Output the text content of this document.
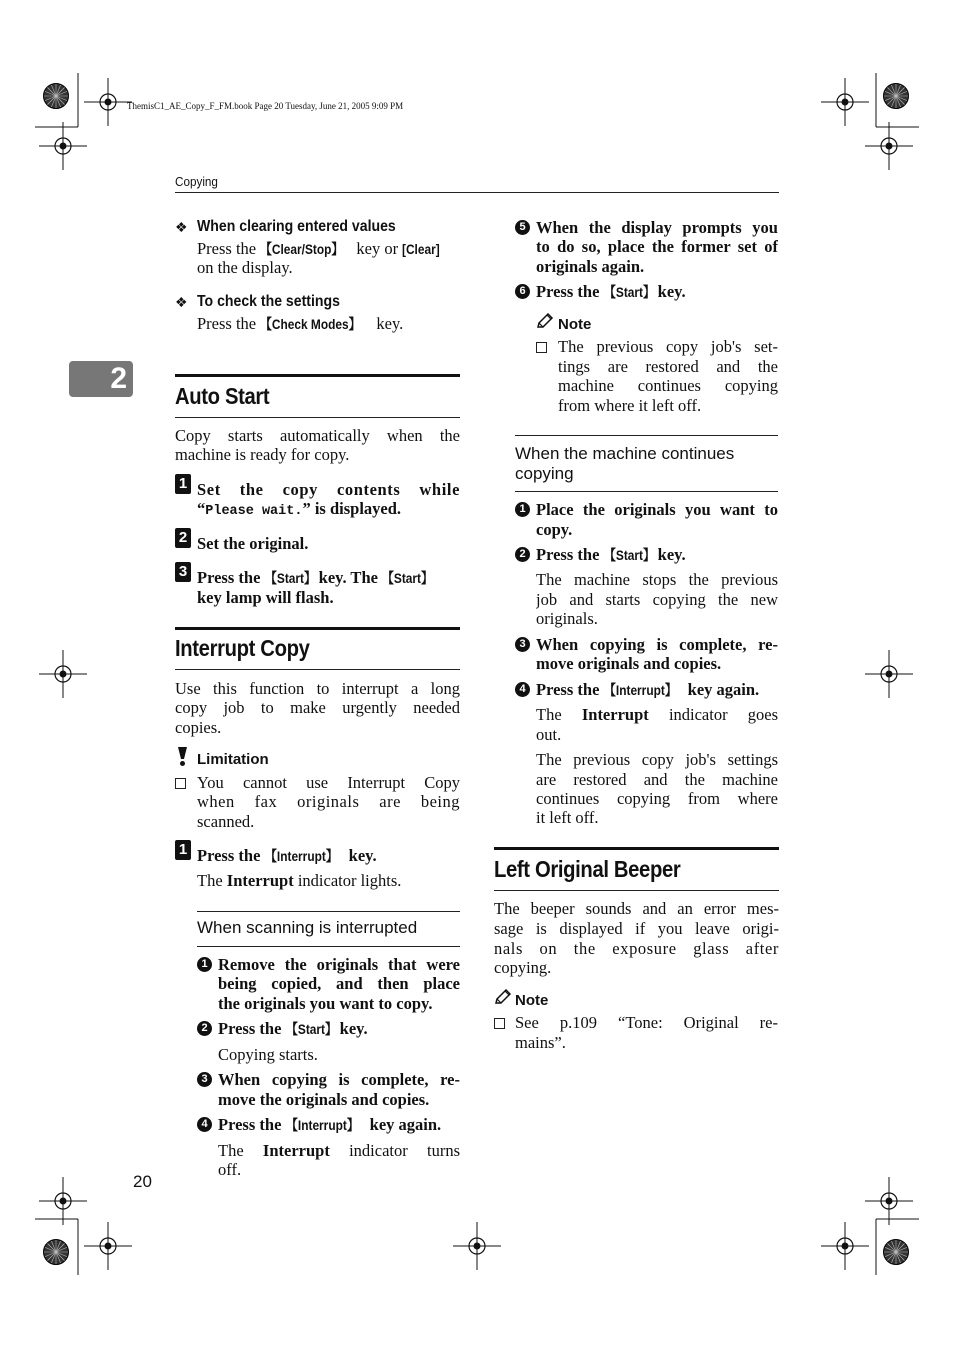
ThemisC1_AE_Copy_F_FM.book Page 20 Tuesday, June 21, 2005 9:09 PM
Copying
2
❖ When clearing entered values
Press the 【Clear/Stop】 key or [Clear]
on the display.
❖ To check the settings
Press the 【Check Modes】 key.
Auto Start
Copy starts automatically when the
machine is ready for copy.
1 Set the copy contents while
“Please wait.” is displayed.
2 Set the original.
3 Press the 【Start】 key. The 【Start】
key lamp will flash.
Interrupt Copy
Use this function to interrupt a long
copy job to make urgently needed
copies.
Limitation
You cannot use Interrupt Copy
when fax originals are being
scanned.
1 Press the 【Interrupt】 key.
The Interrupt indicator lights.
When scanning is interrupted
1 Remove the originals that were
being copied, and then place
the originals you want to copy.
2 Press the 【Start】 key.
Copying starts.
3 When copying is complete, re-
move the originals and copies.
4 Press the 【Interrupt】 key again.
The Interrupt indicator turns
off.
20
5 When the display prompts you
to do so, place the former set of
originals again.
6 Press the 【Start】 key.
Note
The previous copy job's set-
tings are restored and the
machine continues copying
from where it left off.
When the machine continues
copying
1 Place the originals you want to
copy.
2 Press the 【Start】 key.
The machine stops the previous
job and starts copying the new
originals.
3 When copying is complete, re-
move originals and copies.
4 Press the 【Interrupt】 key again.
The Interrupt indicator goes
out.
The previous copy job's settings
are restored and the machine
continues copying from where
it left off.
Left Original Beeper
The beeper sounds and an error mes-
sage is displayed if you leave origi-
nals on the exposure glass after
copying.
Note
See p.109 “Tone: Original re-
mains”.
